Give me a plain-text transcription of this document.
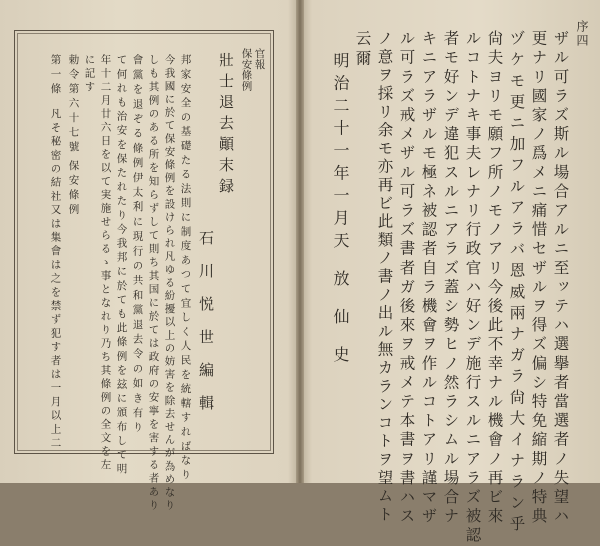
官報
保安條例
壯士退去顚末録
石川悦世編輯
邦家安全の基礎たる法則に制度あつて宜しく人民を統轄すればなり
今我國に於て保安條例を設けられ凡ゆる紛擾以上の妨害を除去せんが為めなり
しも其例のある所を知らずして則ち其国に於ては政府の安寧を害する者あり
會黨を退ぞる條例伊太利に現行の共和黨退去令の如き有り
て何れも治安を保たれたり今我邦に於ても此條例を玆に頒布して明
年十二月廿六日を以て実施せらるゝ事となれり乃ち其條例の全文を左
に記す
勅令第六十七號
保安條例
第一條
凡そ秘密の結社又は集會は之を禁ず犯す者は一月以上二
序四
ザル可ラズ斯ル場合アルニ至ッテハ選擧者當選者ノ失望ハ
更ナリ國家ノ爲メニ痛惜セザルヲ得ズ偏シ特免縮期ノ特典
ヅケモ更ニ加フルアラバ恩威兩ナガラ尙大イナラン乎
尙夫ヨリモ願フ所ノモノアリ今後此不幸ナル機會ノ再ビ來
ルコトナキ事夫レナリ行政官ハ好ンデ施行スルニアラズ被認
者モ好ンデ違犯スルニアラズ蓋シ勢ヒノ然ラシムル場合ナ
キニアラザルモ極ネ被認者自ラ機會ヲ作ルコトアリ謹マザ
ル可ラズ戒メザル可ラズ書者ガ後來ヲ戒メテ本書ヲ書ハス
ノ意ヲ採リ余モ亦再ビ此類ノ書ノ出ル無カランコトヲ望ムト
云爾
明治二十一年一月
天放仙史
